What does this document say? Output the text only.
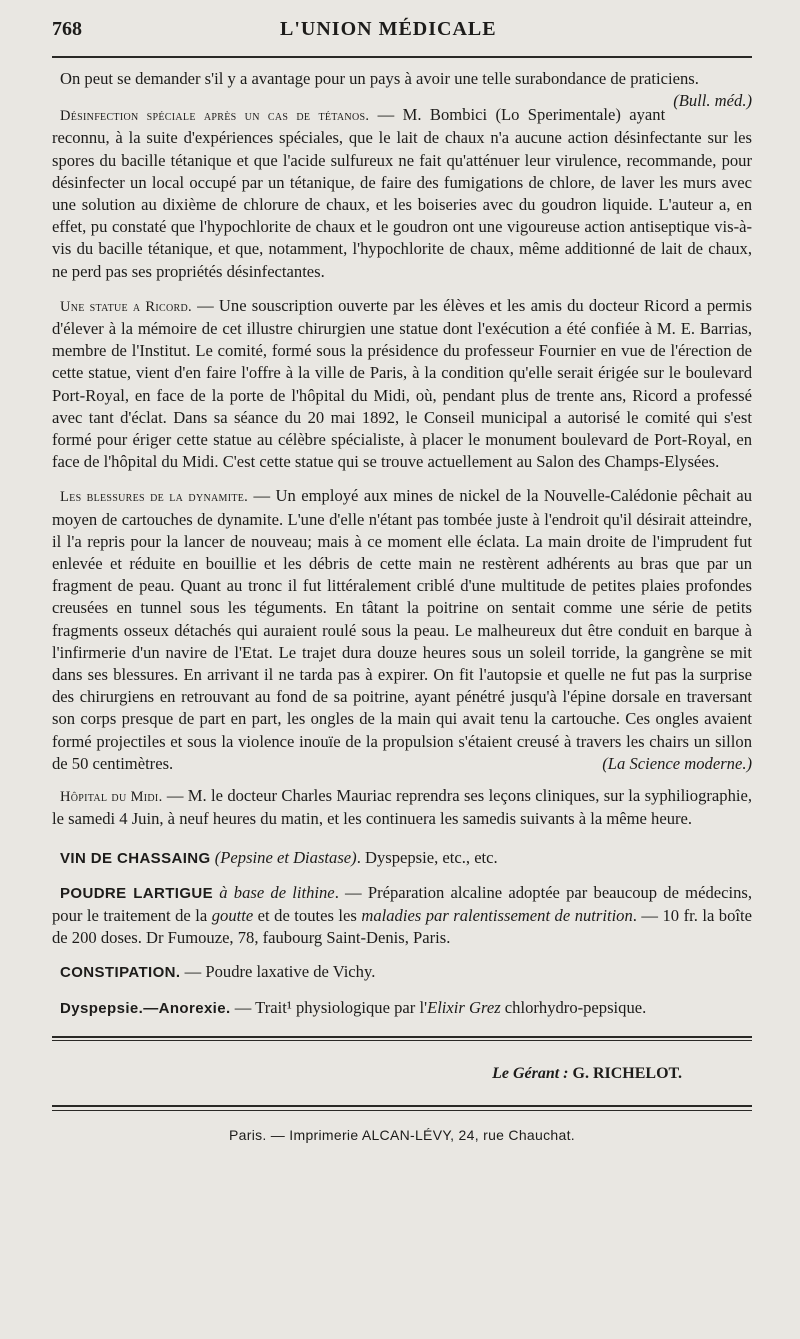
768	L'UNION MÉDICALE

On peut se demander s'il y a avantage pour un pays à avoir une telle surabondance de praticiens.
(Bull. méd.)

Désinfection spéciale après un cas de tétanos. — M. Bombici (Lo Sperimentale) ayant reconnu, à la suite d'expériences spéciales, que le lait de chaux n'a aucune action désinfectante sur les spores du bacille tétanique et que l'acide sulfureux ne fait qu'atténuer leur virulence, recommande, pour désinfecter un local occupé par un tétanique, de faire des fumigations de chlore, de laver les murs avec une solution au dixième de chlorure de chaux, et les boiseries avec du goudron liquide. L'auteur a, en effet, pu constaté que l'hypochlorite de chaux et le goudron ont une vigoureuse action antiseptique vis-à-vis du bacille tétanique, et que, notamment, l'hypochlorite de chaux, même additionné de lait de chaux, ne perd pas ses propriétés désinfectantes.

Une statue a Ricord. — Une souscription ouverte par les élèves et les amis du docteur Ricord a permis d'élever à la mémoire de cet illustre chirurgien une statue dont l'exécution a été confiée à M. E. Barrias, membre de l'Institut. Le comité, formé sous la présidence du professeur Fournier en vue de l'érection de cette statue, vient d'en faire l'offre à la ville de Paris, à la condition qu'elle serait érigée sur le boulevard Port-Royal, en face de la porte de l'hôpital du Midi, où, pendant plus de trente ans, Ricord a professé avec tant d'éclat. Dans sa séance du 20 mai 1892, le Conseil municipal a autorisé le comité qui s'est formé pour ériger cette statue au célèbre spécialiste, à placer le monument boulevard de Port-Royal, en face de l'hôpital du Midi. C'est cette statue qui se trouve actuellement au Salon des Champs-Elysées.

Les blessures de la dynamite. — Un employé aux mines de nickel de la Nouvelle-Calédonie pêchait au moyen de cartouches de dynamite. L'une d'elle n'étant pas tombée juste à l'endroit qu'il désirait atteindre, il l'a repris pour la lancer de nouveau; mais à ce moment elle éclata. La main droite de l'imprudent fut enlevée et réduite en bouillie et les débris de cette main ne restèrent adhérents au bras que par un fragment de peau. Quant au tronc il fut littéralement criblé d'une multitude de petites plaies profondes creusées en tunnel sous les téguments. En tâtant la poitrine on sentait comme une série de petits fragments osseux détachés qui auraient roulé sous la peau. Le malheureux dut être conduit en barque à l'infirmerie d'un navire de l'Etat. Le trajet dura douze heures sous un soleil torride, la gangrène se mit dans ses blessures. En arrivant il ne tarda pas à expirer. On fit l'autopsie et quelle ne fut pas la surprise des chirurgiens en retrouvant au fond de sa poitrine, ayant pénétré jusqu'à l'épine dorsale en traversant son corps presque de part en part, les ongles de la main qui avait tenu la cartouche. Ces ongles avaient formé projectiles et sous la violence inouïe de la propulsion s'étaient creusé à travers les chairs un sillon de 50 centimètres.	(La Science moderne.)

Hôpital du Midi. — M. le docteur Charles Mauriac reprendra ses leçons cliniques, sur la syphiliographie, le samedi 4 Juin, à neuf heures du matin, et les continuera les samedis suivants à la même heure.

VIN DE CHASSAING (Pepsine et Diastase). Dyspepsie, etc., etc.

POUDRE LARTIGUE à base de lithine. — Préparation alcaline adoptée par beaucoup de médecins, pour le traitement de la goutte et de toutes les maladies par ralentissement de nutrition. — 10 fr. la boîte de 200 doses. Dr Fumouze, 78, faubourg Saint-Denis, Paris.

CONSTIPATION. — Poudre laxative de Vichy.

Dyspepsie.—Anorexie. — Trait¹ physiologique par l'Elixir Grez chlorhydro-pepsique.

Le Gérant : G. RICHELOT.
Paris. — Imprimerie ALCAN-LÉVY, 24, rue Chauchat.
